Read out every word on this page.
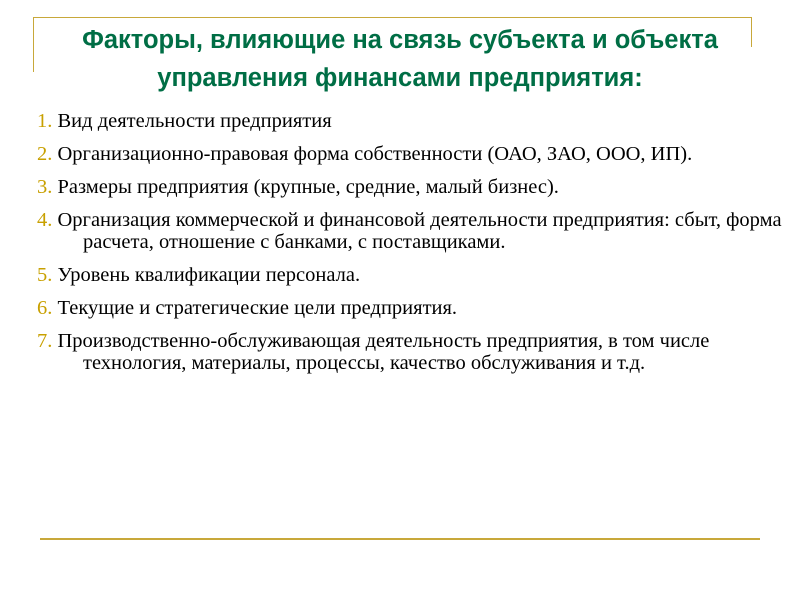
Факторы, влияющие на связь субъекта и объекта
управления финансами предприятия:
1. Вид деятельности предприятия
2. Организационно-правовая форма собственности (ОАО, ЗАО, ООО, ИП).
3. Размеры предприятия (крупные, средние, малый бизнес).
4. Организация коммерческой и финансовой деятельности предприятия: сбыт, форма расчета, отношение с банками, с поставщиками.
5. Уровень квалификации персонала.
6. Текущие и стратегические цели предприятия.
7. Производственно-обслуживающая деятельность предприятия, в том числе технология, материалы, процессы, качество обслуживания и т.д.
